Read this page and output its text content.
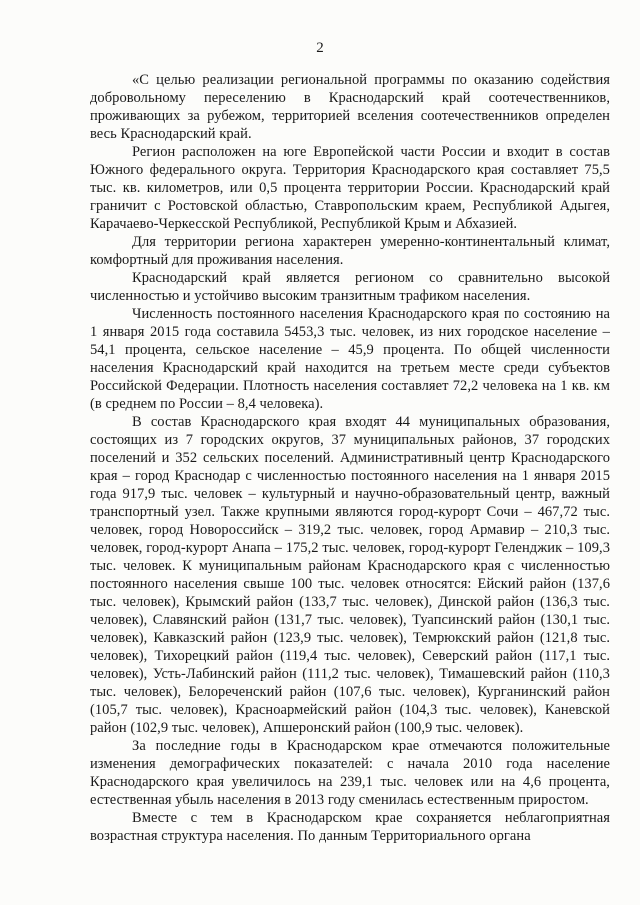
2

«С целью реализации региональной программы по оказанию содействия добровольному переселению в Краснодарский край соотечественников, проживающих за рубежом, территорией вселения соотечественников определен весь Краснодарский край.

Регион расположен на юге Европейской части России и входит в состав Южного федерального округа. Территория Краснодарского края составляет 75,5 тыс. кв. километров, или 0,5 процента территории России. Краснодарский край граничит с Ростовской областью, Ставропольским краем, Республикой Адыгея, Карачаево-Черкесской Республикой, Республикой Крым и Абхазией.

Для территории региона характерен умеренно-континентальный климат, комфортный для проживания населения.

Краснодарский край является регионом со сравнительно высокой численностью и устойчиво высоким транзитным трафиком населения.

Численность постоянного населения Краснодарского края по состоянию на 1 января 2015 года составила 5453,3 тыс. человек, из них городское население – 54,1 процента, сельское население – 45,9 процента. По общей численности населения Краснодарский край находится на третьем месте среди субъектов Российской Федерации. Плотность населения составляет 72,2 человека на 1 кв. км (в среднем по России – 8,4 человека).

В состав Краснодарского края входят 44 муниципальных образования, состоящих из 7 городских округов, 37 муниципальных районов, 37 городских поселений и 352 сельских поселений. Административный центр Краснодарского края – город Краснодар с численностью постоянного населения на 1 января 2015 года 917,9 тыс. человек – культурный и научно-образовательный центр, важный транспортный узел. Также крупными являются город-курорт Сочи – 467,72 тыс. человек, город Новороссийск – 319,2 тыс. человек, город Армавир – 210,3 тыс. человек, город-курорт Анапа – 175,2 тыс. человек, город-курорт Геленджик – 109,3 тыс. человек. К муниципальным районам Краснодарского края с численностью постоянного населения свыше 100 тыс. человек относятся: Ейский район (137,6 тыс. человек), Крымский район (133,7 тыс. человек), Динской район (136,3 тыс. человек), Славянский район (131,7 тыс. человек), Туапсинский район (130,1 тыс. человек), Кавказский район (123,9 тыс. человек), Темрюкский район (121,8 тыс. человек), Тихорецкий район (119,4 тыс. человек), Северский район (117,1 тыс. человек), Усть-Лабинский район (111,2 тыс. человек), Тимашевский район (110,3 тыс. человек), Белореченский район (107,6 тыс. человек), Курганинский район (105,7 тыс. человек), Красноармейский район (104,3 тыс. человек), Каневской район (102,9 тыс. человек), Апшеронский район (100,9 тыс. человек).

За последние годы в Краснодарском крае отмечаются положительные изменения демографических показателей: с начала 2010 года население Краснодарского края увеличилось на 239,1 тыс. человек или на 4,6 процента, естественная убыль населения в 2013 году сменилась естественным приростом.

Вместе с тем в Краснодарском крае сохраняется неблагоприятная возрастная структура населения. По данным Территориального органа
